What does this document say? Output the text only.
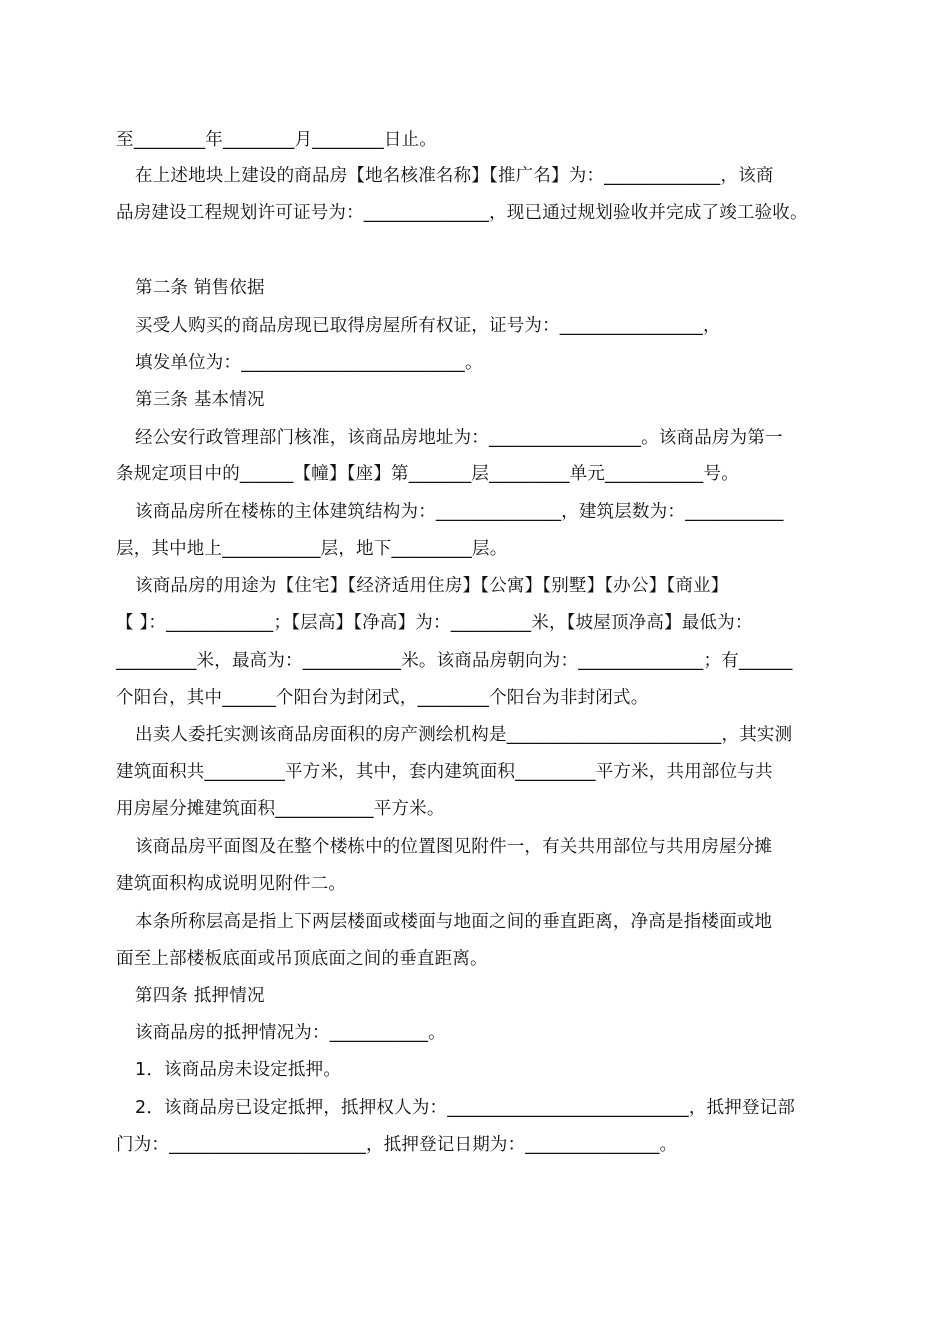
至________年________月________日止。
在上述地块上建设的商品房【地名核准名称】【推广名】为：_____________，该商
品房建设工程规划许可证号为：______________，现已通过规划验收并完成了竣工验收。
第二条 销售依据
买受人购买的商品房现已取得房屋所有权证，证号为：________________，
填发单位为：_________________________。
第三条 基本情况
经公安行政管理部门核准，该商品房地址为：_________________。该商品房为第一
条规定项目中的______【幢】【座】第_______层_________单元___________号。
该商品房所在楼栋的主体建筑结构为：______________，建筑层数为：___________
层，其中地上___________层，地下_________层。
该商品房的用途为【住宅】【经济适用住房】【公寓】【别墅】【办公】【商业】
【 】：____________；【层高】【净高】为：_________米，【坡屋顶净高】最低为：
_________米，最高为：___________米。该商品房朝向为：______________；有______
个阳台，其中______个阳台为封闭式，________个阳台为非封闭式。
出卖人委托实测该商品房面积的房产测绘机构是________________________，其实测
建筑面积共_________平方米，其中，套内建筑面积_________平方米，共用部位与共
用房屋分摊建筑面积___________平方米。
该商品房平面图及在整个楼栋中的位置图见附件一，有关共用部位与共用房屋分摊
建筑面积构成说明见附件二。
本条所称层高是指上下两层楼面或楼面与地面之间的垂直距离，净高是指楼面或地
面至上部楼板底面或吊顶底面之间的垂直距离。
第四条 抵押情况
该商品房的抵押情况为：___________。
1．该商品房未设定抵押。
2．该商品房已设定抵押，抵押权人为：___________________________，抵押登记部
门为：______________________，抵押登记日期为：_______________。
